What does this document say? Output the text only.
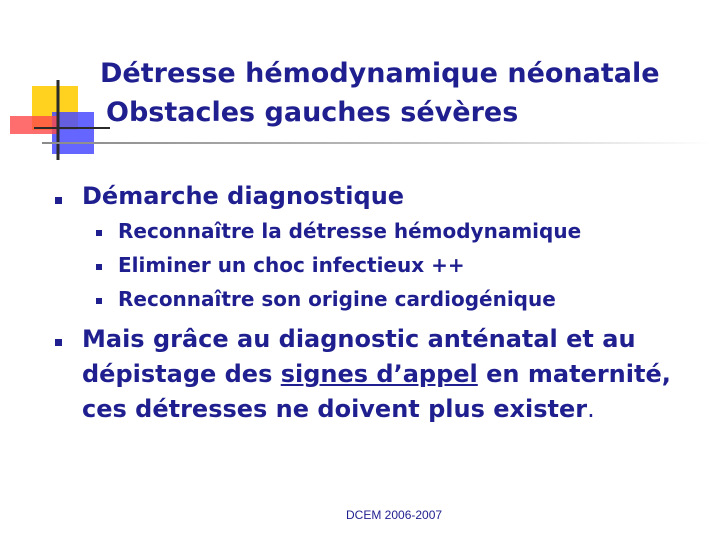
Détresse hémodynamique néonatale
Obstacles gauches sévères

Démarche diagnostique

Reconnaître la détresse hémodynamique

Eliminer un choc infectieux ++

Reconnaître son origine cardiogénique

Mais grâce au diagnostic anténatal et au dépistage des signes d’appel en maternité, ces détresses ne doivent plus exister.

DCEM 2006-2007
